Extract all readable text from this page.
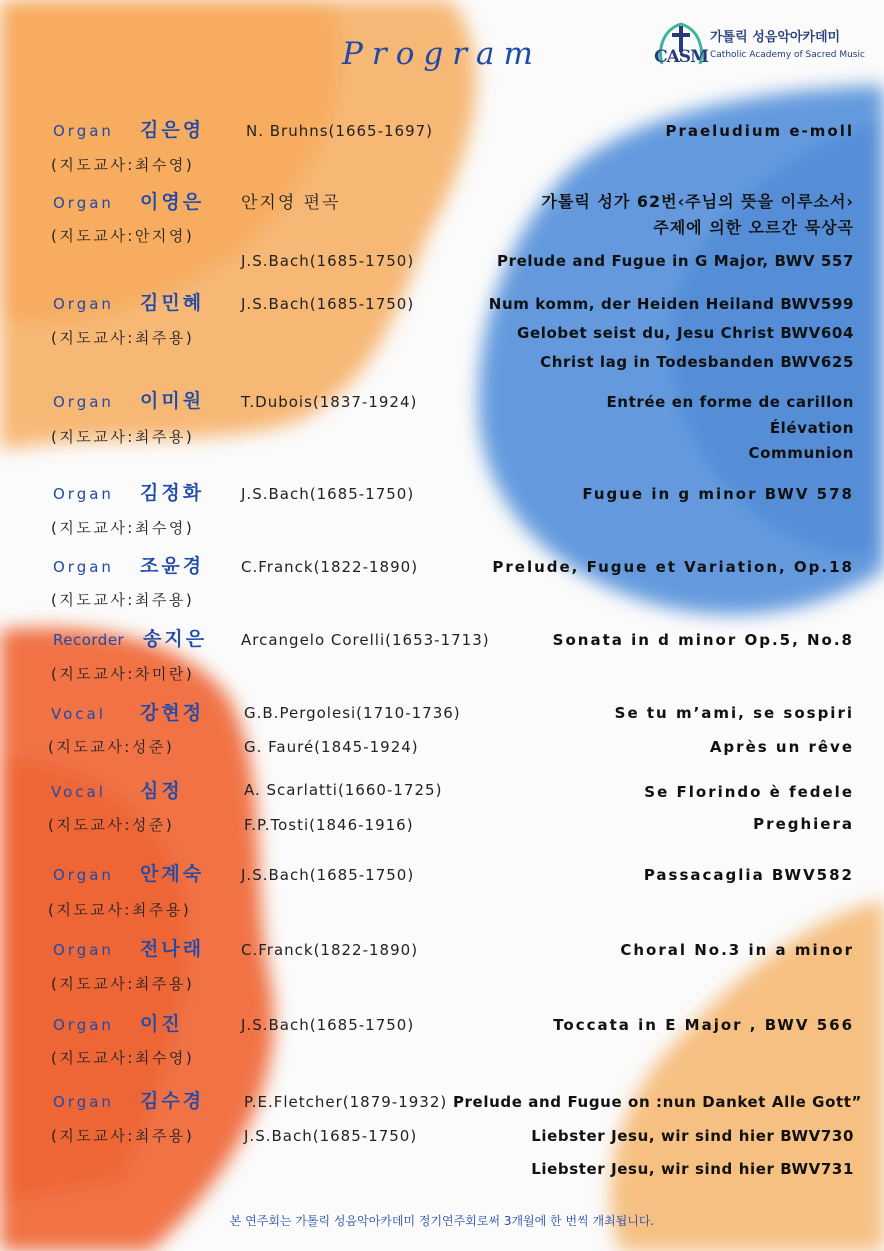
Program	CASM
가톨릭 성음악아카데미
Catholic Academy of Sacred Music
Organ 김은영
(지도교사:최수영)
N. Bruhns(1665-1697)	Praeludium e-moll
Organ 이영은
(지도교사:안지영)
안지영 편곡	가톨릭 성가 62번‹주님의 뜻을 이루소서›
주제에 의한 오르간 묵상곡
J.S.Bach(1685-1750)	Prelude and Fugue in G Major, BWV 557
Organ 김민혜
(지도교사:최주용)
J.S.Bach(1685-1750)	Num komm, der Heiden Heiland BWV599
Gelobet seist du, Jesu Christ BWV604
Christ lag in Todesbanden BWV625
Organ 이미원
(지도교사:최주용)
T.Dubois(1837-1924)	Entrée en forme de carillon
Élévation
Communion
Organ 김정화
(지도교사:최수영)
J.S.Bach(1685-1750)	Fugue in g minor BWV 578
Organ 조윤경
(지도교사:최주용)
C.Franck(1822-1890)	Prelude, Fugue et Variation, Op.18
Recorder 송지은
(지도교사:차미란)
Arcangelo Corelli(1653-1713)	Sonata in d minor Op.5, No.8
Vocal 강현정
(지도교사:성준)
G.B.Pergolesi(1710-1736)	Se tu m’ami, se sospiri
G. Fauré(1845-1924)	Après un rêve
Vocal 심정
(지도교사:성준)
A. Scarlatti(1660-1725)	Se Florindo è fedele
F.P.Tosti(1846-1916)	Preghiera
Organ 안계숙
(지도교사:최주용)
J.S.Bach(1685-1750)	Passacaglia BWV582
Organ 전나래
(지도교사:최주용)
C.Franck(1822-1890)	Choral No.3 in a minor
Organ 이진
(지도교사:최수영)
J.S.Bach(1685-1750)	Toccata in E Major , BWV 566
Organ 김수경
(지도교사:최주용)
P.E.Fletcher(1879-1932) Prelude and Fugue on :nun Danket Alle Gott”
J.S.Bach(1685-1750)	Liebster Jesu, wir sind hier BWV730
Liebster Jesu, wir sind hier BWV731
본 연주회는 가톨릭 성음악아카데미 정기연주회로써 3개월에 한 번씩 개최됩니다.
